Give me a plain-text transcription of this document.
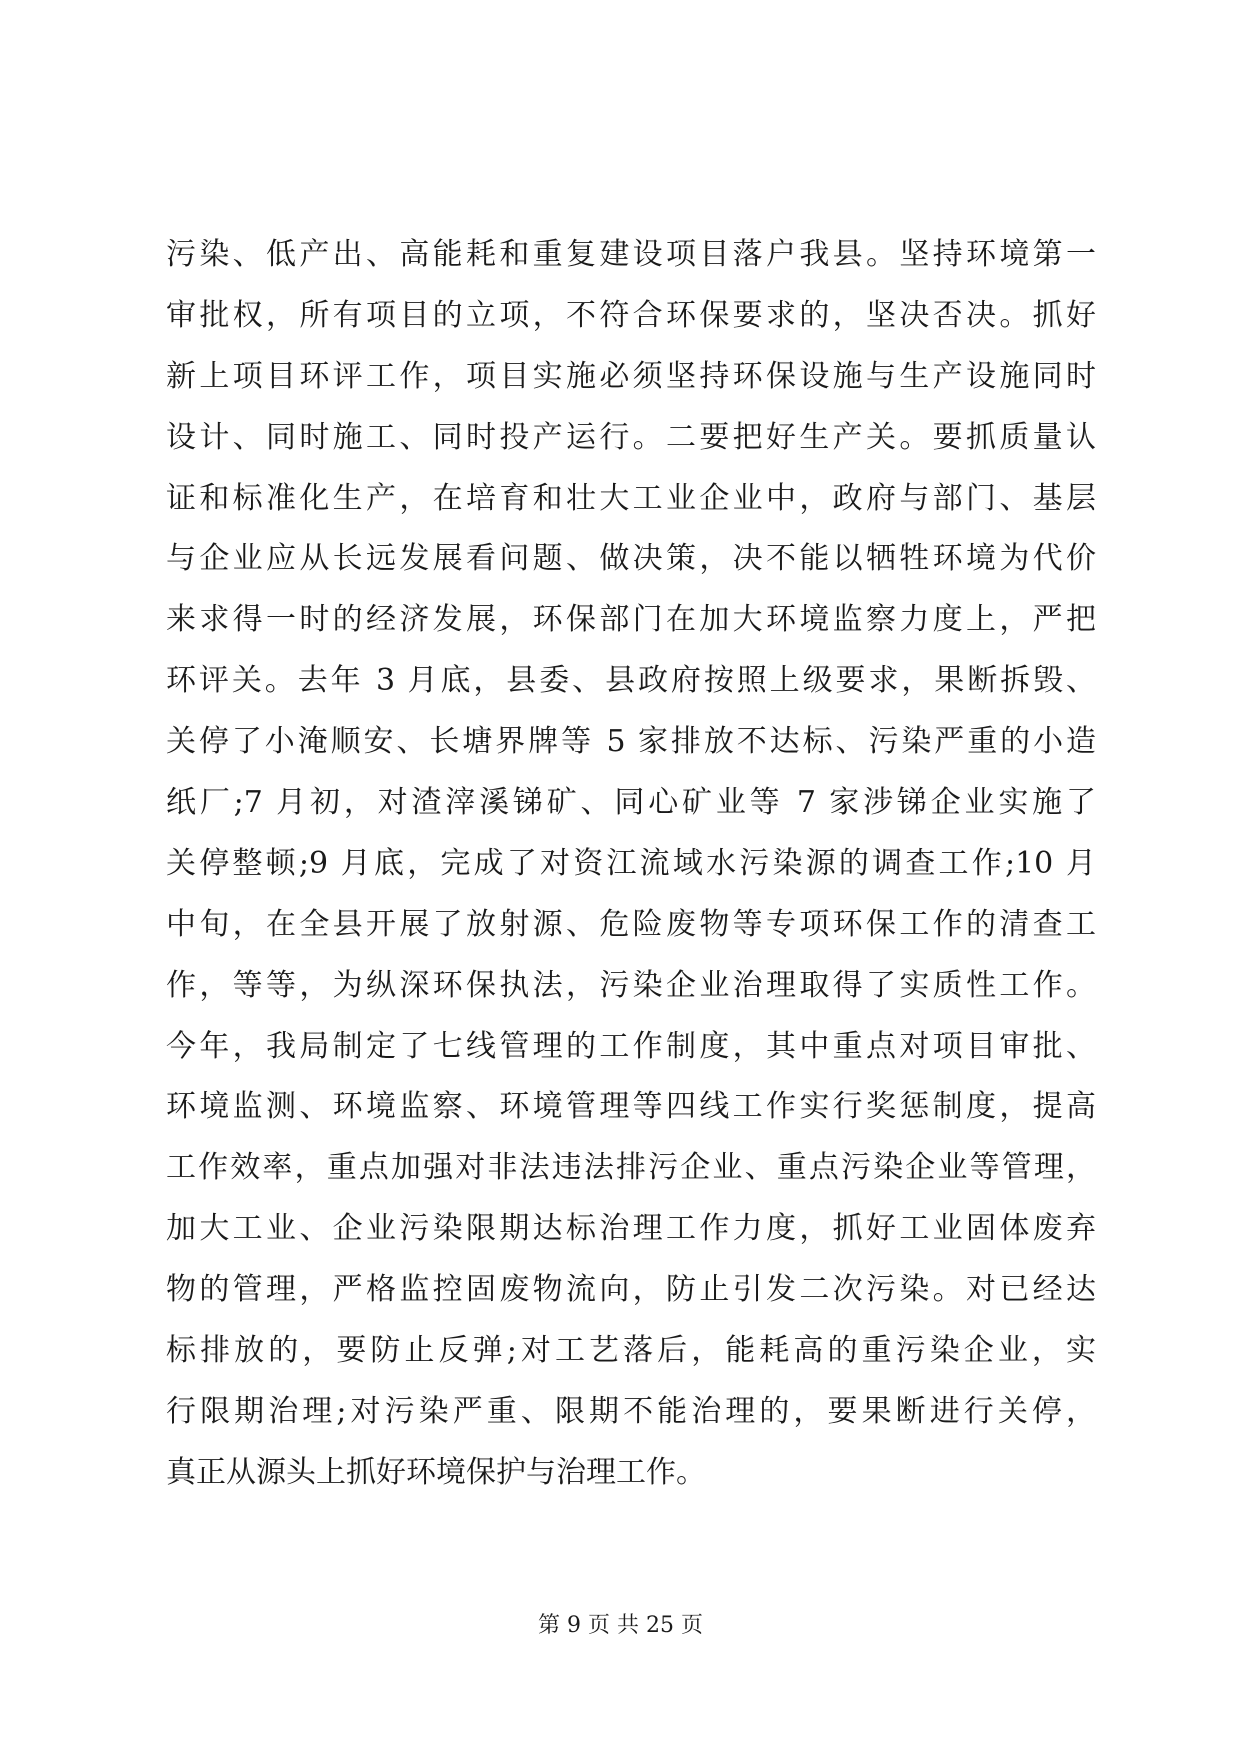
污染、低产出、高能耗和重复建设项目落户我县。坚持环境第一
审批权，所有项目的立项，不符合环保要求的，坚决否决。抓好
新上项目环评工作，项目实施必须坚持环保设施与生产设施同时
设计、同时施工、同时投产运行。二要把好生产关。要抓质量认
证和标准化生产，在培育和壮大工业企业中，政府与部门、基层
与企业应从长远发展看问题、做决策，决不能以牺牲环境为代价
来求得一时的经济发展，环保部门在加大环境监察力度上，严把
环评关。去年 3 月底，县委、县政府按照上级要求，果断拆毁、
关停了小淹顺安、长塘界牌等 5 家排放不达标、污染严重的小造
纸厂;7 月初，对渣滓溪锑矿、同心矿业等 7 家涉锑企业实施了
关停整顿;9 月底，完成了对资江流域水污染源的调查工作;10 月
中旬，在全县开展了放射源、危险废物等专项环保工作的清查工
作，等等，为纵深环保执法，污染企业治理取得了实质性工作。
今年，我局制定了七线管理的工作制度，其中重点对项目审批、
环境监测、环境监察、环境管理等四线工作实行奖惩制度，提高
工作效率，重点加强对非法违法排污企业、重点污染企业等管理，
加大工业、企业污染限期达标治理工作力度，抓好工业固体废弃
物的管理，严格监控固废物流向，防止引发二次污染。对已经达
标排放的，要防止反弹;对工艺落后，能耗高的重污染企业，实
行限期治理;对污染严重、限期不能治理的，要果断进行关停，
真正从源头上抓好环境保护与治理工作。
第 9 页 共 25 页
